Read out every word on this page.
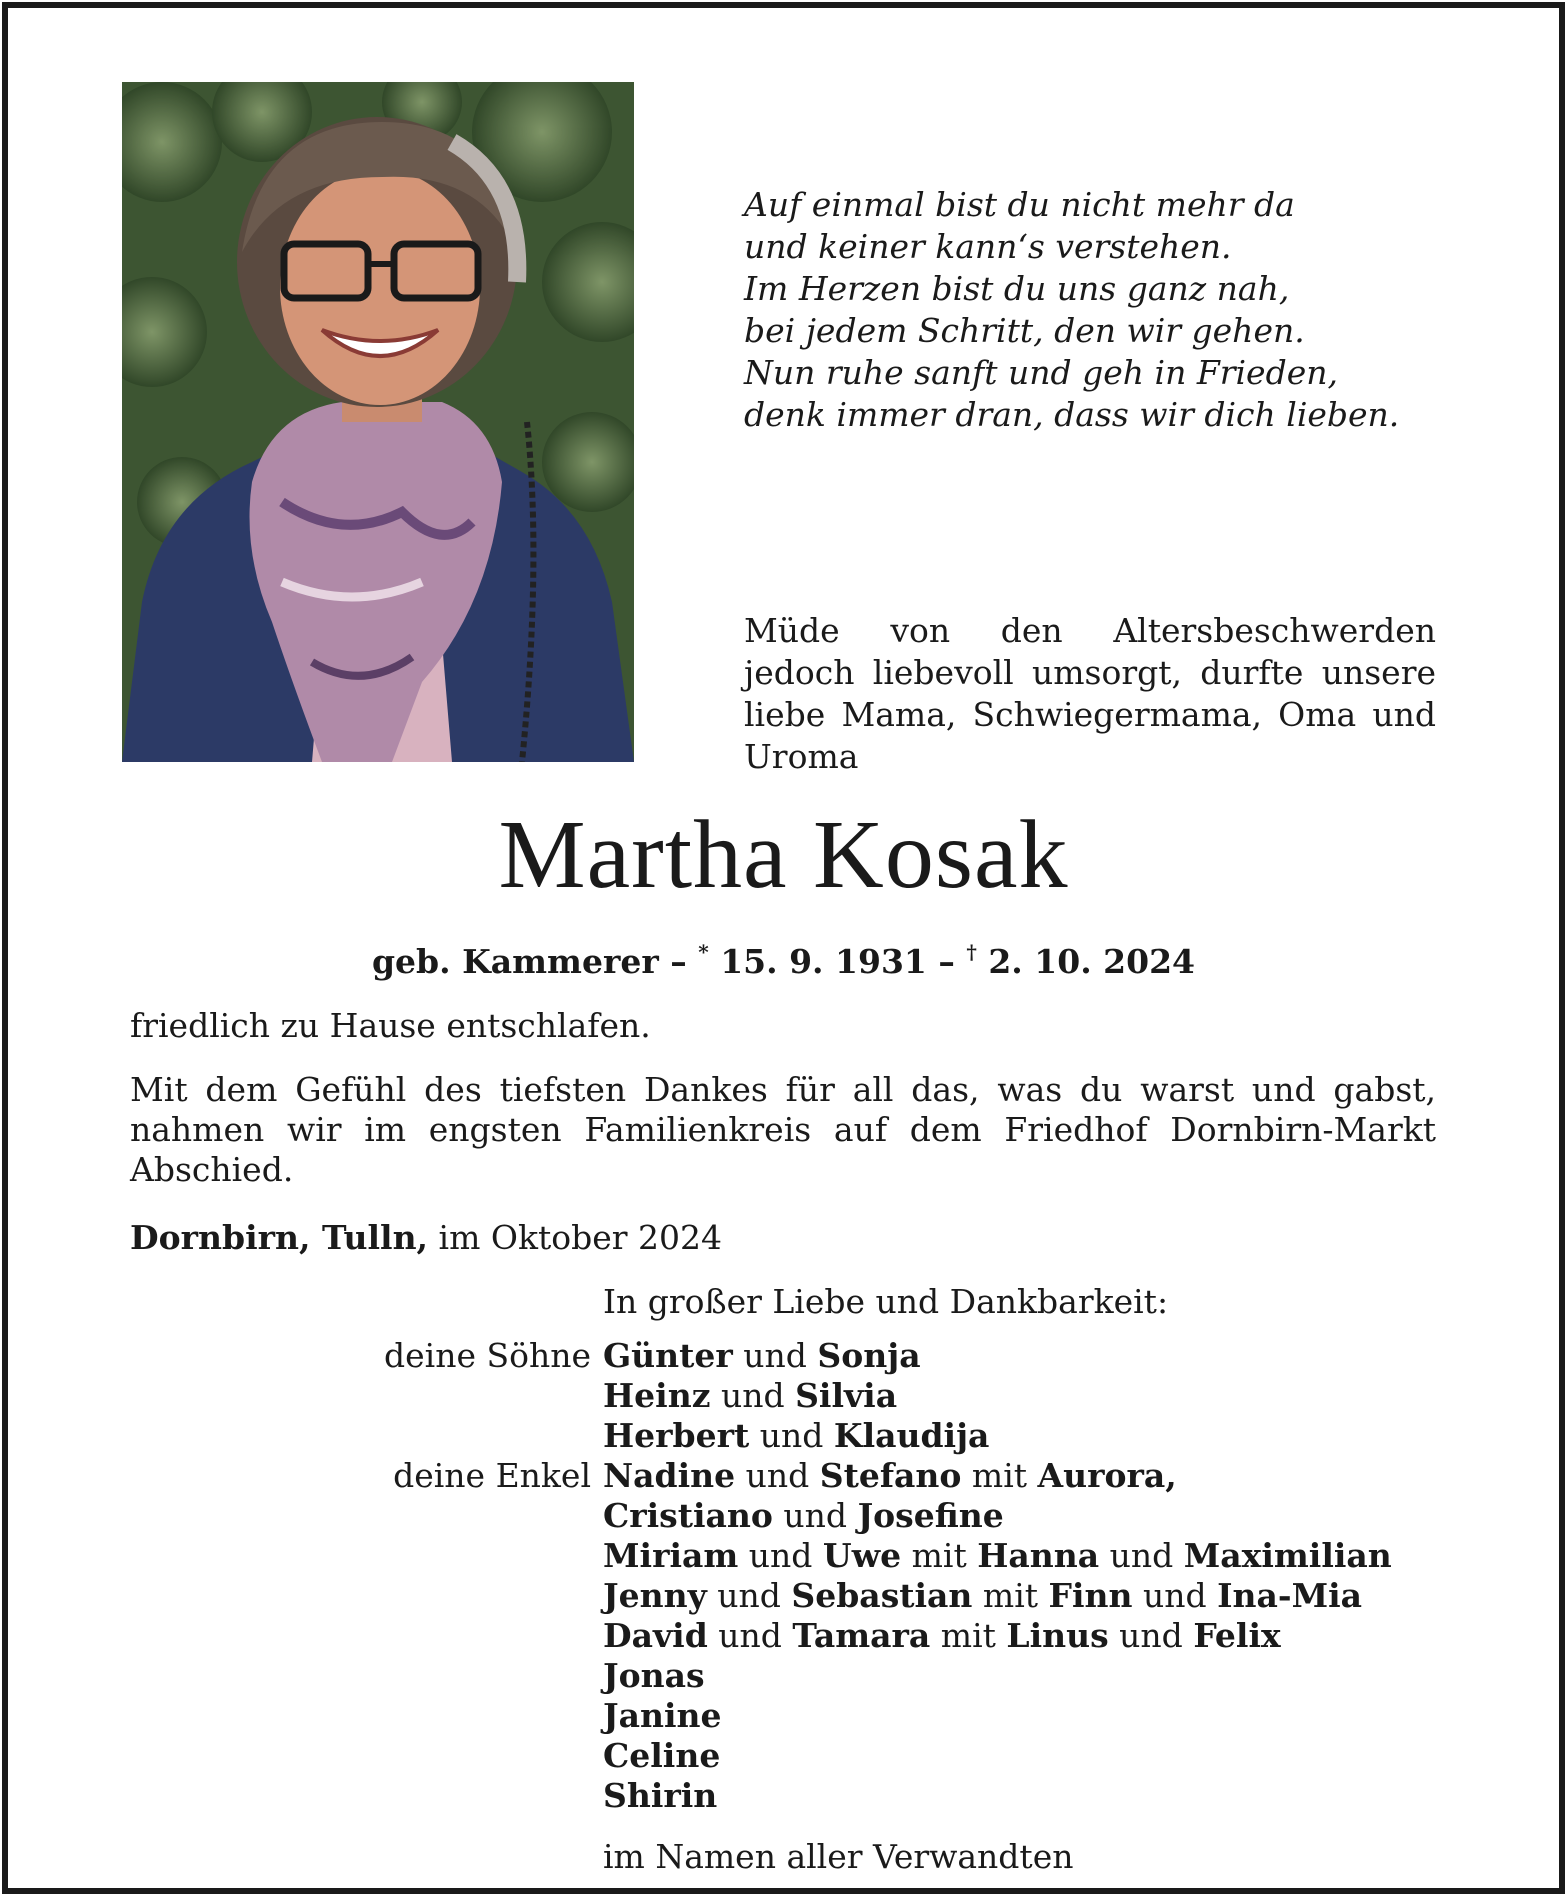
Auf einmal bist du nicht mehr da
und keiner kann‘s verstehen.
Im Herzen bist du uns ganz nah,
bei jedem Schritt, den wir gehen.
Nun ruhe sanft und geh in Frieden,
denk immer dran, dass wir dich lieben.
Müde von den Altersbeschwerden jedoch liebevoll umsorgt, durfte unsere liebe Mama, Schwiegermama, Oma und Uroma
Martha Kosak
geb. Kammerer – * 15. 9. 1931 – † 2. 10. 2024
friedlich zu Hause entschlafen.
Mit dem Gefühl des tiefsten Dankes für all das, was du warst und gabst, nahmen wir im engsten Familienkreis auf dem Friedhof Dornbirn-Markt Abschied.
Dornbirn, Tulln, im Oktober 2024
In großer Liebe und Dankbarkeit:
deine Söhne Günter und Sonja
Heinz und Silvia
Herbert und Klaudija
deine Enkel Nadine und Stefano mit Aurora,
Cristiano und Josefine
Miriam und Uwe mit Hanna und Maximilian
Jenny und Sebastian mit Finn und Ina-Mia
David und Tamara mit Linus und Felix
Jonas
Janine
Celine
Shirin
im Namen aller Verwandten
